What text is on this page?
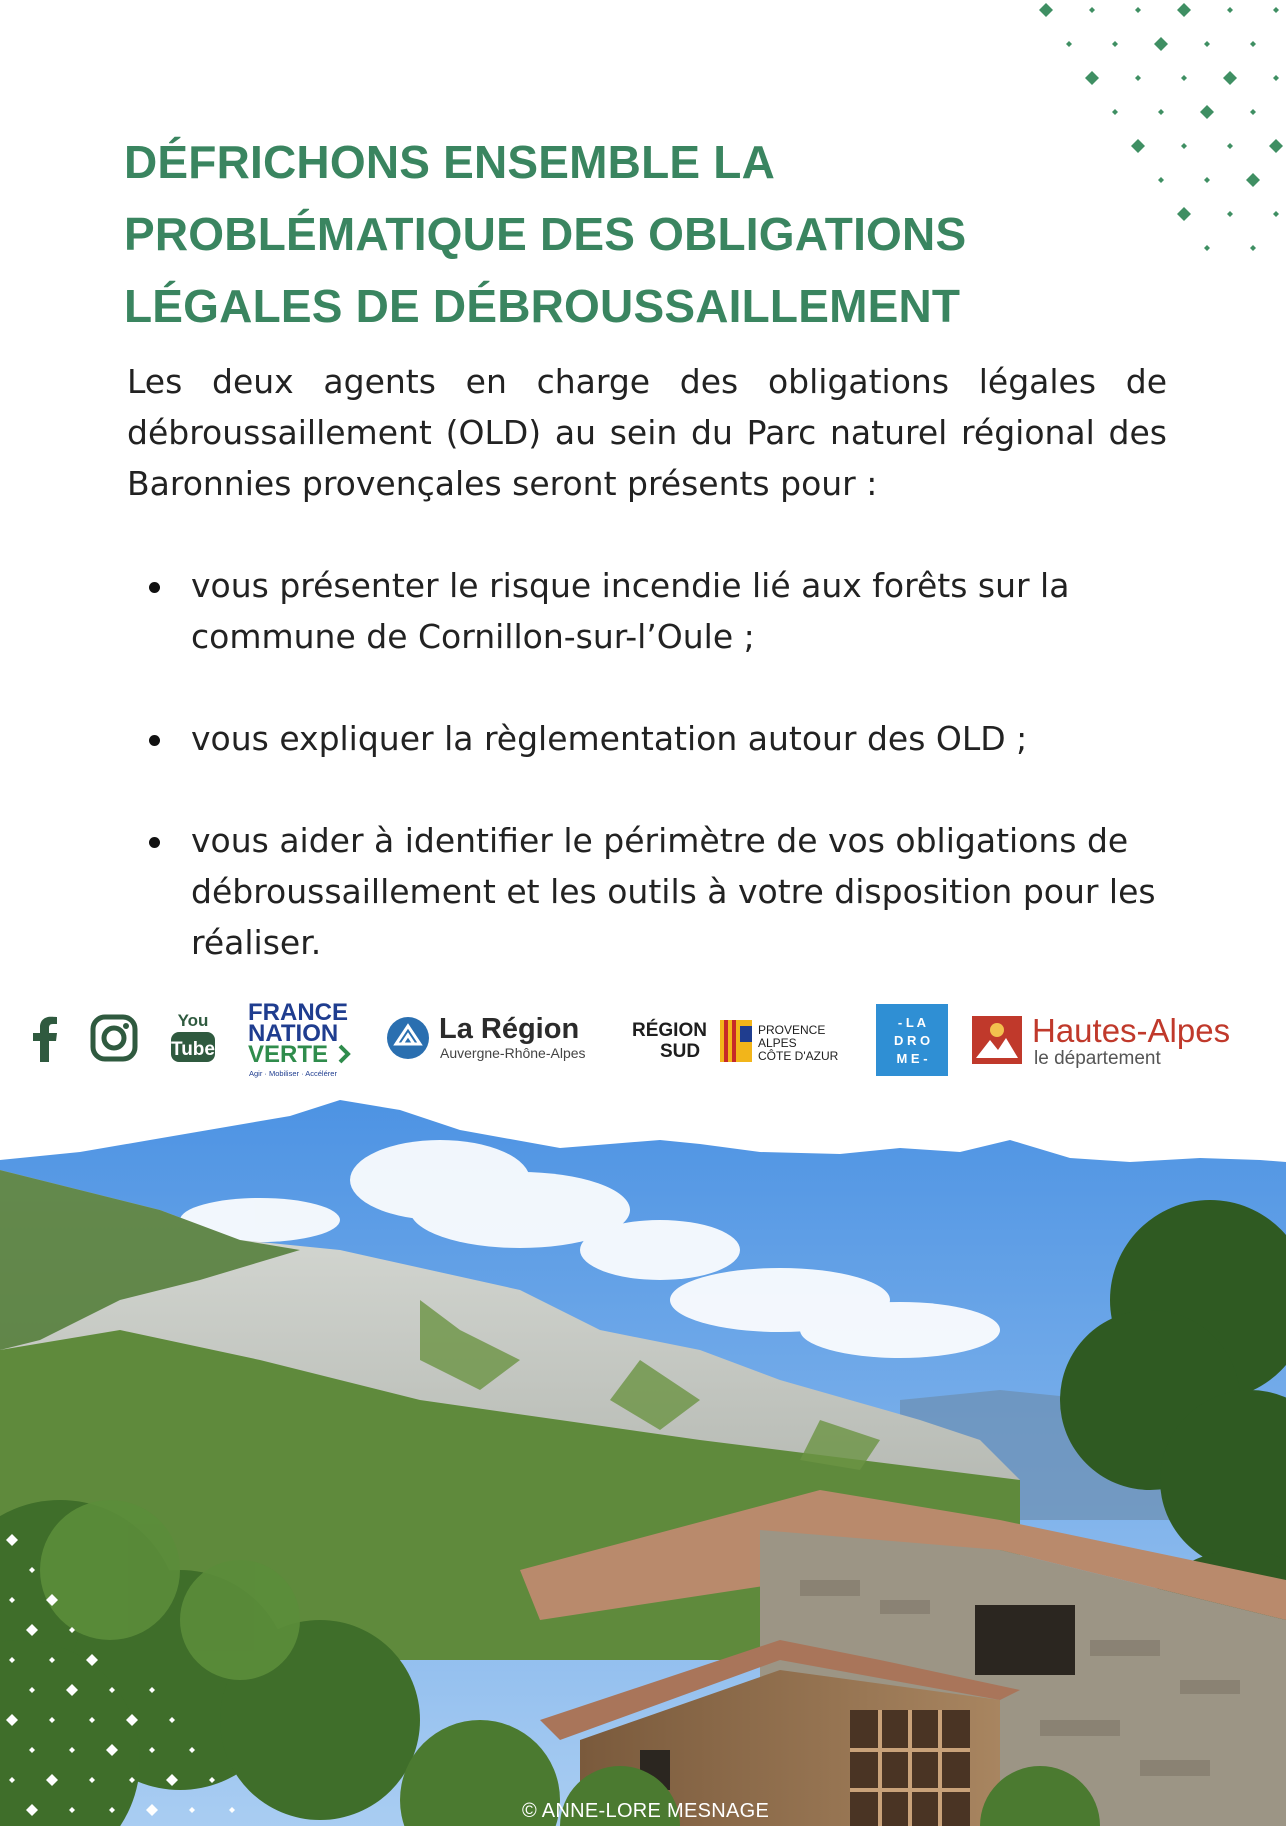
DÉFRICHONS ENSEMBLE LA
PROBLÉMATIQUE DES OBLIGATIONS
LÉGALES DE DÉBROUSSAILLEMENT

Les deux agents en charge des obligations légales de débroussaillement (OLD) au sein du Parc naturel régional des Baronnies provençales seront présents pour :

vous présenter le risque incendie lié aux forêts sur la commune de Cornillon-sur-l’Oule ;
vous expliquer la règlementation autour des OLD ;
vous aider à identifier le périmètre de vos obligations de débroussaillement et les outils à votre disposition pour les réaliser.
You
Tube
FRANCE
NATION
VERTE
Agir · Mobiliser · Accélérer
La Région
Auvergne-Rhône-Alpes
RÉGION
SUD
PROVENCE
ALPES
CÔTE D'AZUR
- L A
D R O
M E -
Hautes-Alpes
le département
© ANNE-LORE MESNAGE
